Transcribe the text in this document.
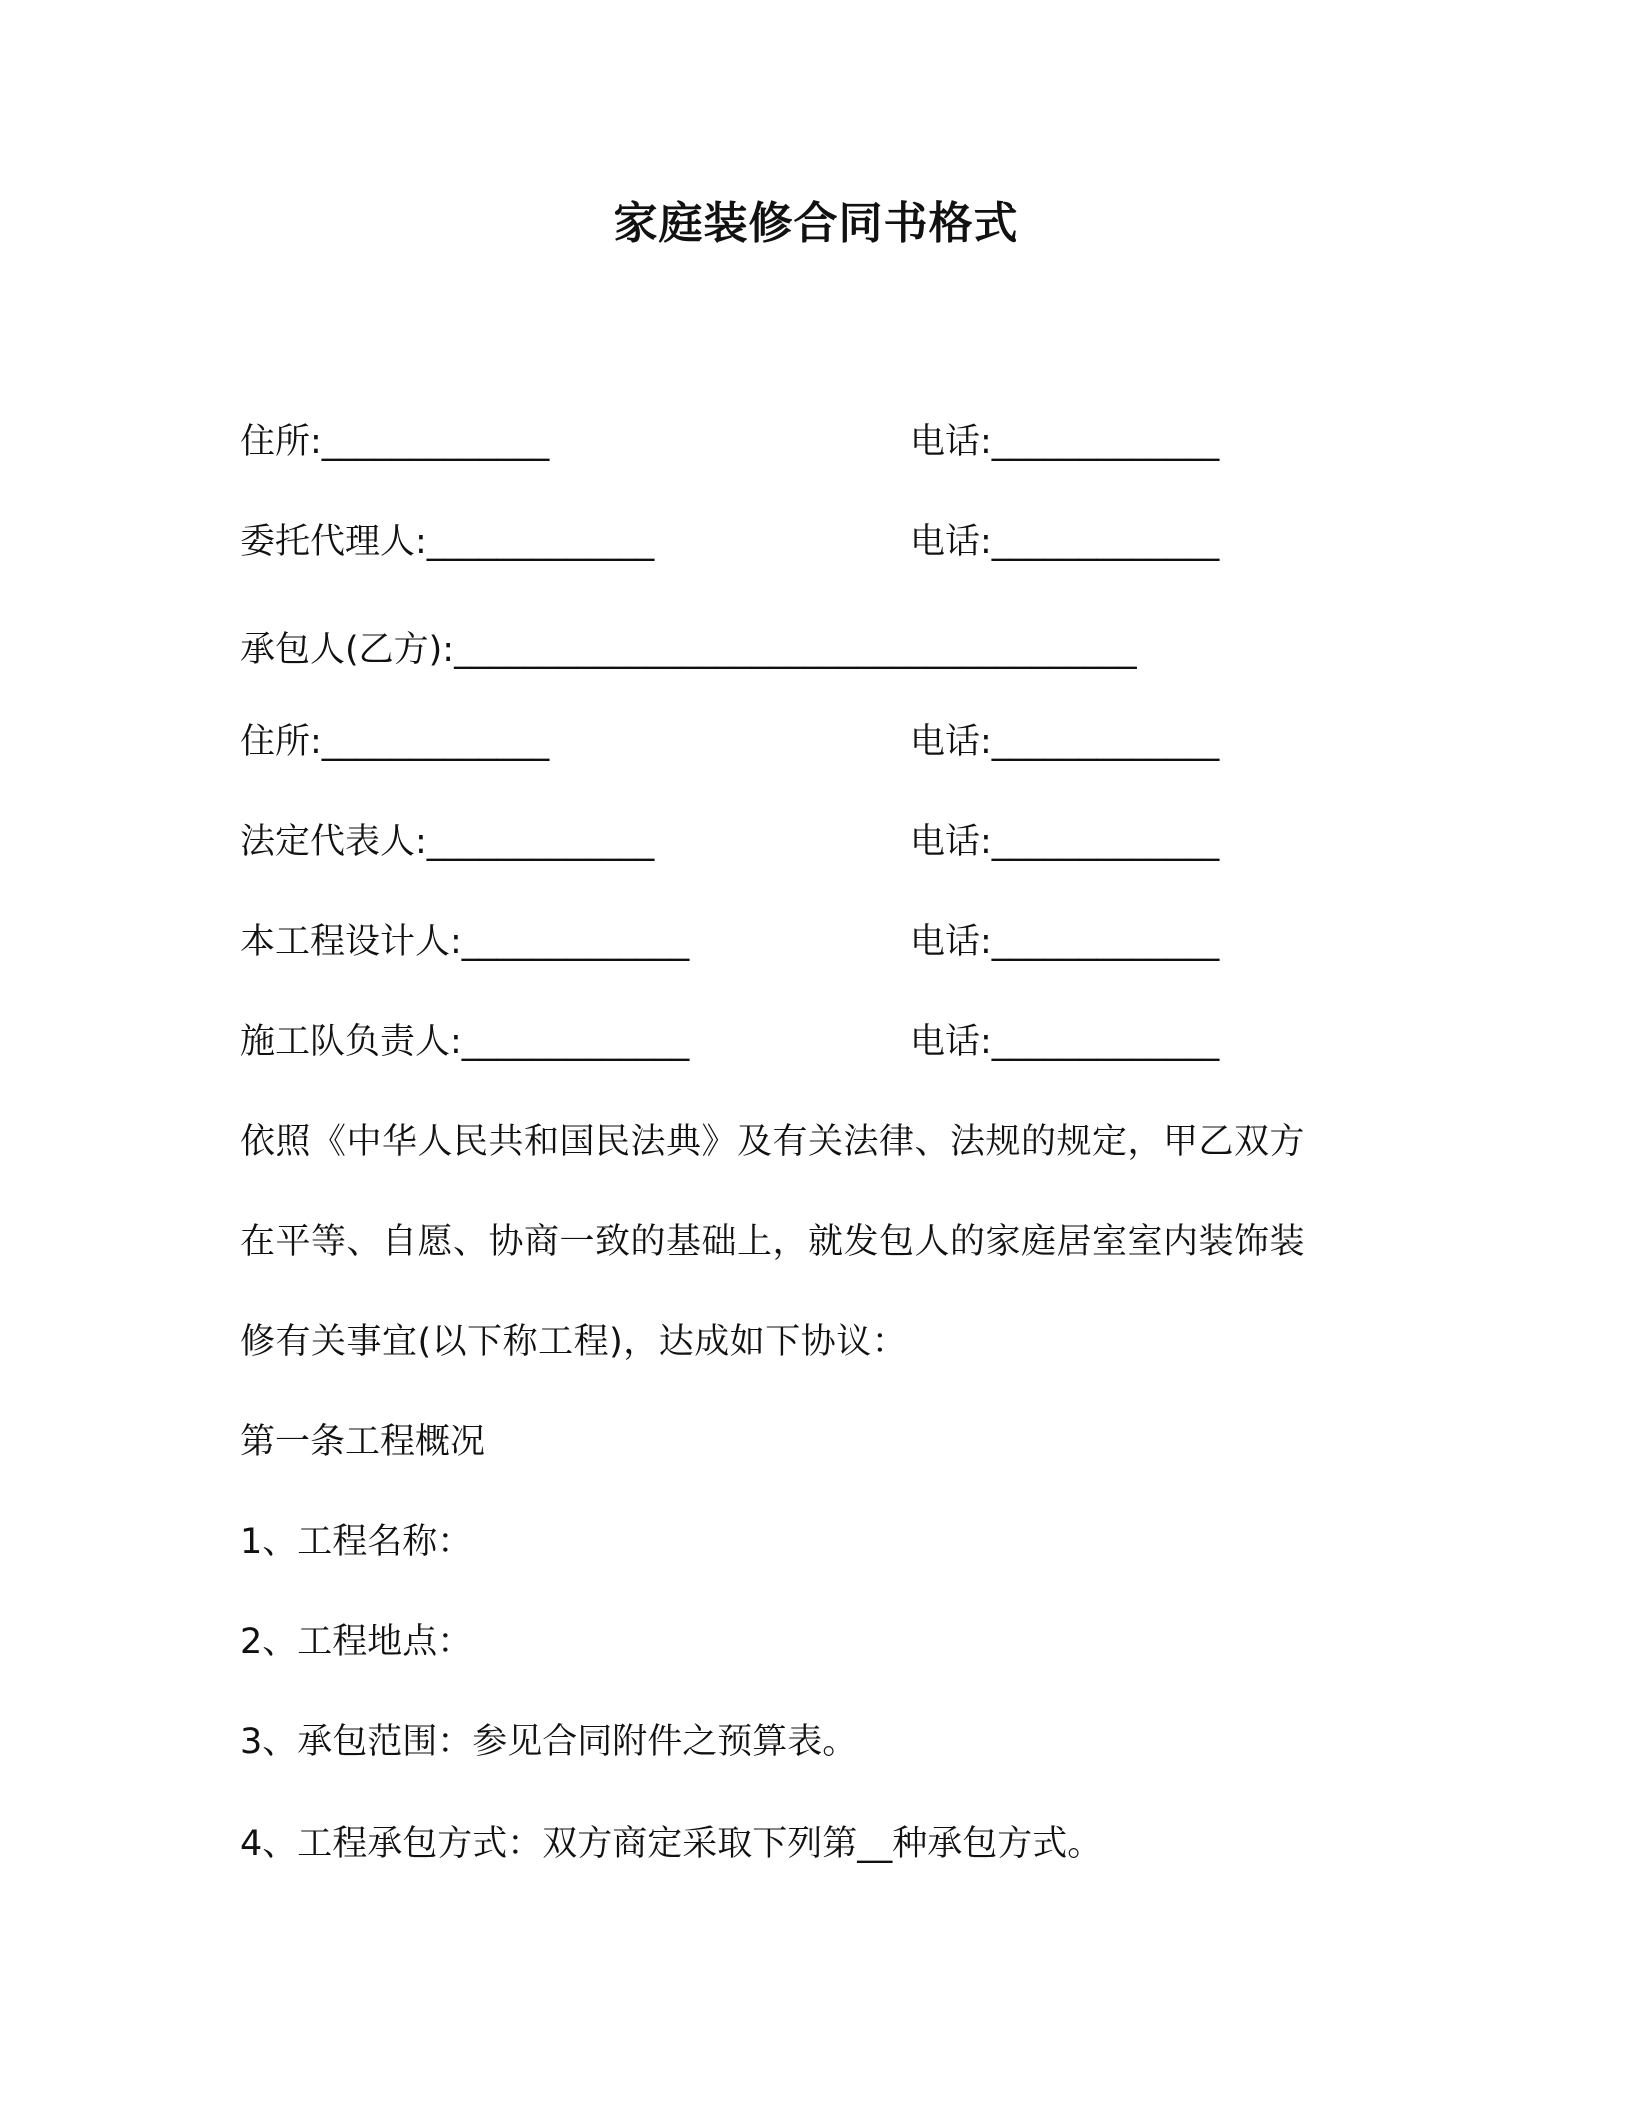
家庭装修合同书格式
住所:_____________	电话:_____________
委托代理人:_____________	电话:_____________
承包人(乙方):_______________________________________
住所:_____________	电话:_____________
法定代表人:_____________	电话:_____________
本工程设计人:_____________	电话:_____________
施工队负责人:_____________	电话:_____________
依照《中华人民共和国民法典》及有关法律、法规的规定，甲乙双方
在平等、自愿、协商一致的基础上，就发包人的家庭居室室内装饰装
修有关事宜(以下称工程)，达成如下协议：
第一条工程概况
1、工程名称：
2、工程地点：
3、承包范围：参见合同附件之预算表。
4、工程承包方式：双方商定采取下列第__种承包方式。
